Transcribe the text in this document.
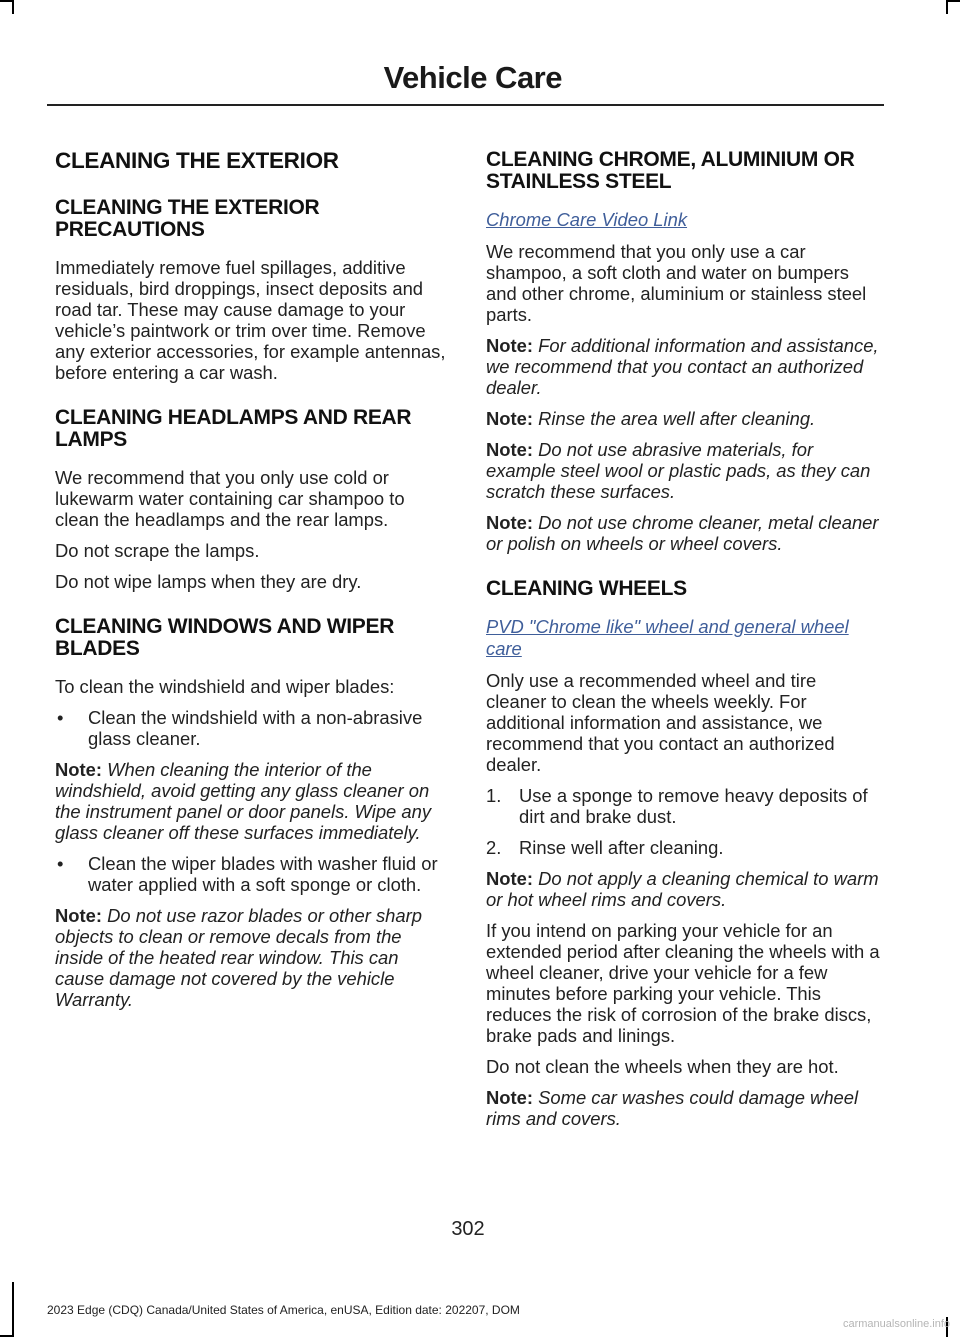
Vehicle Care
CLEANING THE EXTERIOR
CLEANING THE EXTERIOR PRECAUTIONS

Immediately remove fuel spillages, additive residuals, bird droppings, insect deposits and road tar. These may cause damage to your vehicle’s paintwork or trim over time. Remove any exterior accessories, for example antennas, before entering a car wash.

CLEANING HEADLAMPS AND REAR LAMPS

We recommend that you only use cold or lukewarm water containing car shampoo to clean the headlamps and the rear lamps.

Do not scrape the lamps.

Do not wipe lamps when they are dry.

CLEANING WINDOWS AND WIPER BLADES

To clean the windshield and wiper blades:

• Clean the windshield with a non-abrasive glass cleaner.

Note: When cleaning the interior of the windshield, avoid getting any glass cleaner on the instrument panel or door panels. Wipe any glass cleaner off these surfaces immediately.

• Clean the wiper blades with washer fluid or water applied with a soft sponge or cloth.

Note: Do not use razor blades or other sharp objects to clean or remove decals from the inside of the heated rear window. This can cause damage not covered by the vehicle Warranty.

CLEANING CHROME, ALUMINIUM OR STAINLESS STEEL
Chrome Care Video Link

We recommend that you only use a car shampoo, a soft cloth and water on bumpers and other chrome, aluminium or stainless steel parts.

Note: For additional information and assistance, we recommend that you contact an authorized dealer.

Note: Rinse the area well after cleaning.

Note: Do not use abrasive materials, for example steel wool or plastic pads, as they can scratch these surfaces.

Note: Do not use chrome cleaner, metal cleaner or polish on wheels or wheel covers.

CLEANING WHEELS
PVD "Chrome like" wheel and general wheel care

Only use a recommended wheel and tire cleaner to clean the wheels weekly. For additional information and assistance, we recommend that you contact an authorized dealer.

1. Use a sponge to remove heavy deposits of dirt and brake dust.
2. Rinse well after cleaning.

Note: Do not apply a cleaning chemical to warm or hot wheel rims and covers.

If you intend on parking your vehicle for an extended period after cleaning the wheels with a wheel cleaner, drive your vehicle for a few minutes before parking your vehicle. This reduces the risk of corrosion of the brake discs, brake pads and linings.

Do not clean the wheels when they are hot.

Note: Some car washes could damage wheel rims and covers.

302
2023 Edge (CDQ) Canada/United States of America, enUSA, Edition date: 202207, DOM
carmanualsonline.info
